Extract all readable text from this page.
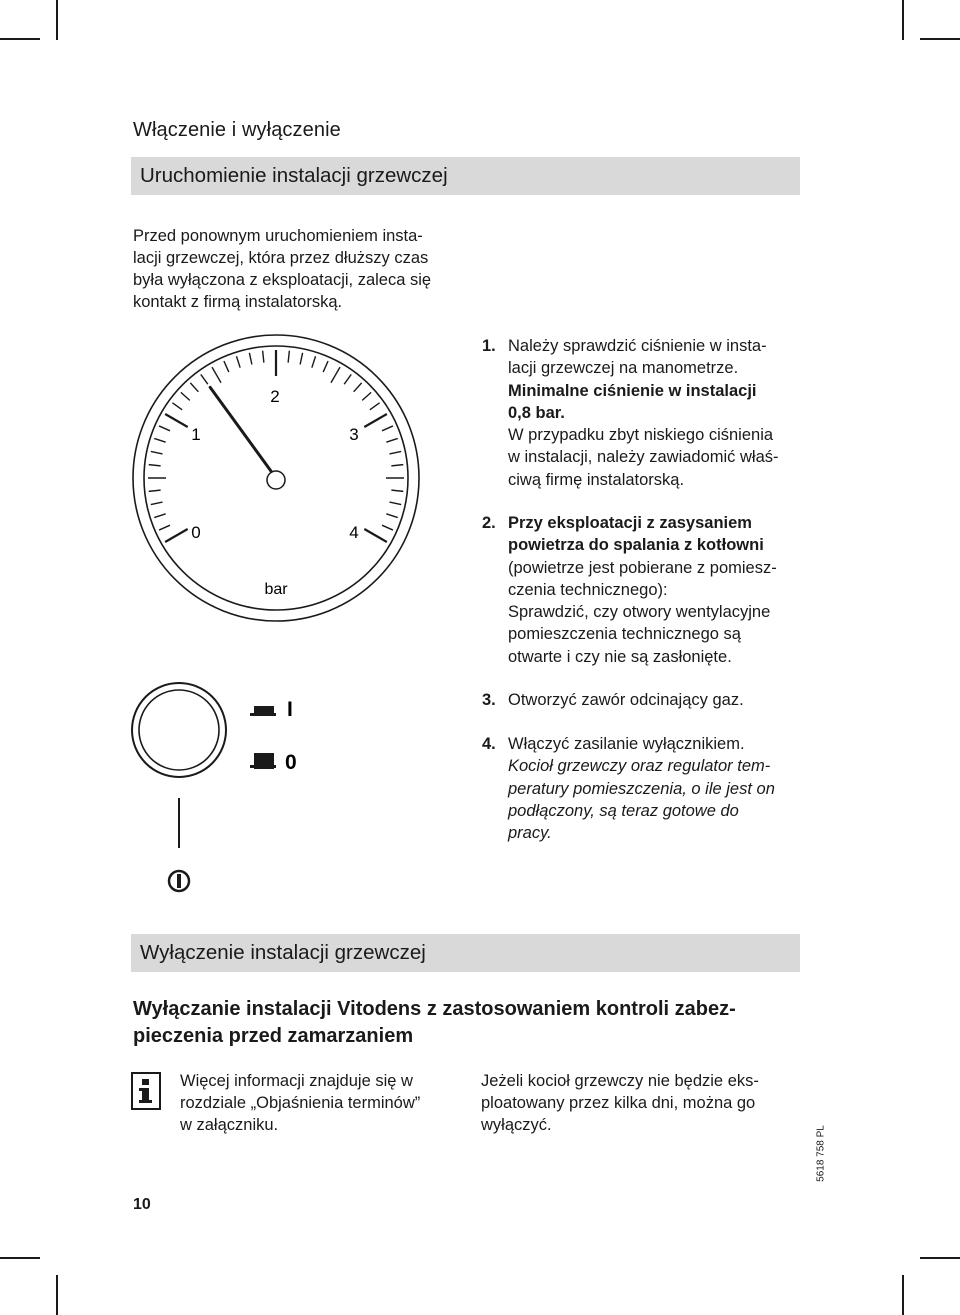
Włączenie i wyłączenie
Uruchomienie instalacji grzewczej
Przed ponownym uruchomieniem insta-
lacji grzewczej, która przez dłuższy czas
była wyłączona z eksploatacji, zaleca się
kontakt z firmą instalatorską.
0
1
2
3
4
bar
I
0
1. Należy sprawdzić ciśnienie w insta-
lacji grzewczej na manometrze.
Minimalne ciśnienie w instalacji
0,8 bar.
W przypadku zbyt niskiego ciśnienia
w instalacji, należy zawiadomić właś-
ciwą firmę instalatorską.
2. Przy eksploatacji z zasysaniem
powietrza do spalania z kotłowni
(powietrze jest pobierane z pomiesz-
czenia technicznego):
Sprawdzić, czy otwory wentylacyjne
pomieszczenia technicznego są
otwarte i czy nie są zasłonięte.
3. Otworzyć zawór odcinający gaz.
4. Włączyć zasilanie wyłącznikiem.
Kocioł grzewczy oraz regulator tem-
peratury pomieszczenia, o ile jest on
podłączony, są teraz gotowe do
pracy.
Wyłączenie instalacji grzewczej
Wyłączanie instalacji Vitodens z zastosowaniem kontroli zabez-
pieczenia przed zamarzaniem
Więcej informacji znajduje się w
rozdziale „Objaśnienia terminów”
w załączniku.
Jeżeli kocioł grzewczy nie będzie eks-
ploatowany przez kilka dni, można go
wyłączyć.
10
5618 758 PL
